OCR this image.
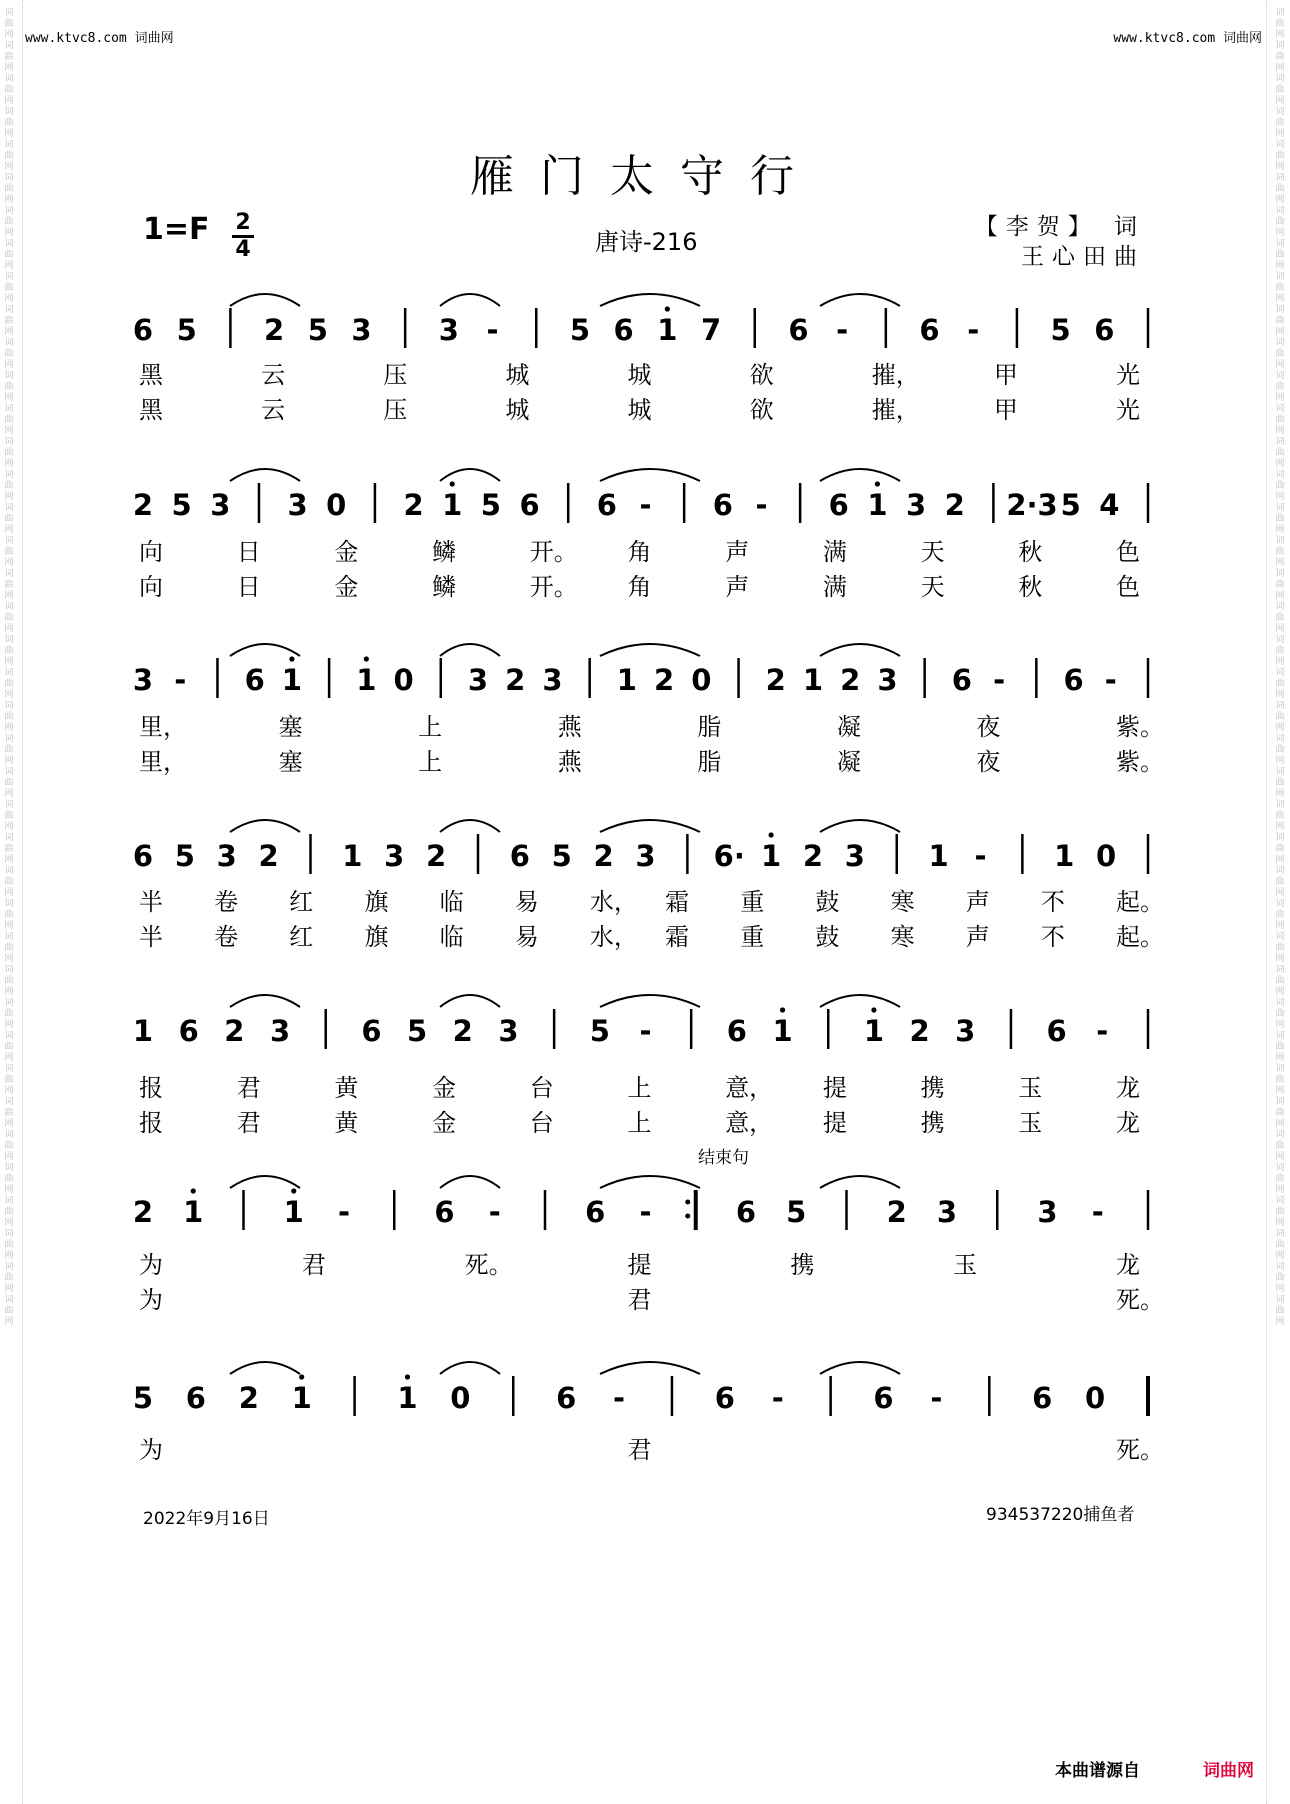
www.ktvc8.com 词曲网	www.ktvc8.com 词曲网
词曲网词曲网词曲网词曲网词曲网词曲网词曲网词曲网词曲网词曲网词曲网词曲网词曲网词曲网词曲网词曲网词曲网词曲网词曲网词曲网词曲网词曲网词曲网词曲网词曲网词曲网词曲网词曲网词曲网词曲网词曲网词曲网词曲网词曲网词曲网词曲网词曲网词曲网词曲网词曲网
词曲网词曲网词曲网词曲网词曲网词曲网词曲网词曲网词曲网词曲网词曲网词曲网词曲网词曲网词曲网词曲网词曲网词曲网词曲网词曲网词曲网词曲网词曲网词曲网词曲网词曲网词曲网词曲网词曲网词曲网词曲网词曲网词曲网词曲网词曲网词曲网词曲网词曲网词曲网词曲网
雁门太守行
1=F 2
4	唐诗-216
【李贺】 词
王心田曲
6 5 2 5 3 3 - 5 6 1 7 6 - 6 - 5 6
2 5 3 3 0 2 1 5 6 6 - 6 - 6 1 3 2 2·3 5 4
3 - 6 1 1 0 3 2 3 1 2 0 2 1 2 3 6 - 6 -
6 5 3 2 1 3 2 6 5 2 3 6· 1 2 3 1 - 1 0
1 6 2 3 6 5 2 3 5 -	6 1 1 2 3 6 -
2 1	1 -	6 -	6 -	6 5	2 3	3 -
5 6 2 1	1 0	6 -	6 -	6 -	6 0
黑	云	压	城	城	欲	摧，	甲	光
黑	云	压	城	城	欲	摧，	甲	光
向	日	金	鳞	开。 角	声	满	天	秋	色
向	日	金	鳞	开。 角	声	满	天	秋	色
里，	塞	上	燕	脂	凝	夜	紫。
里，	塞	上	燕	脂	凝	夜	紫。
半 卷 红 旗 临 易 水， 霜 重 鼓 寒 声 不 起。
半 卷 红 旗 临 易 水， 霜 重 鼓 寒 声 不 起。
报	君	黄	金	台	上	意， 提	携	玉	龙
报	君	黄	金	台	上	意， 提	携	玉	龙
为	君	死。	提	携	玉	龙
为	君	死。
为	君	死。
结束句
2022年9月16日	934537220捕鱼者
本曲谱源自	词曲网
